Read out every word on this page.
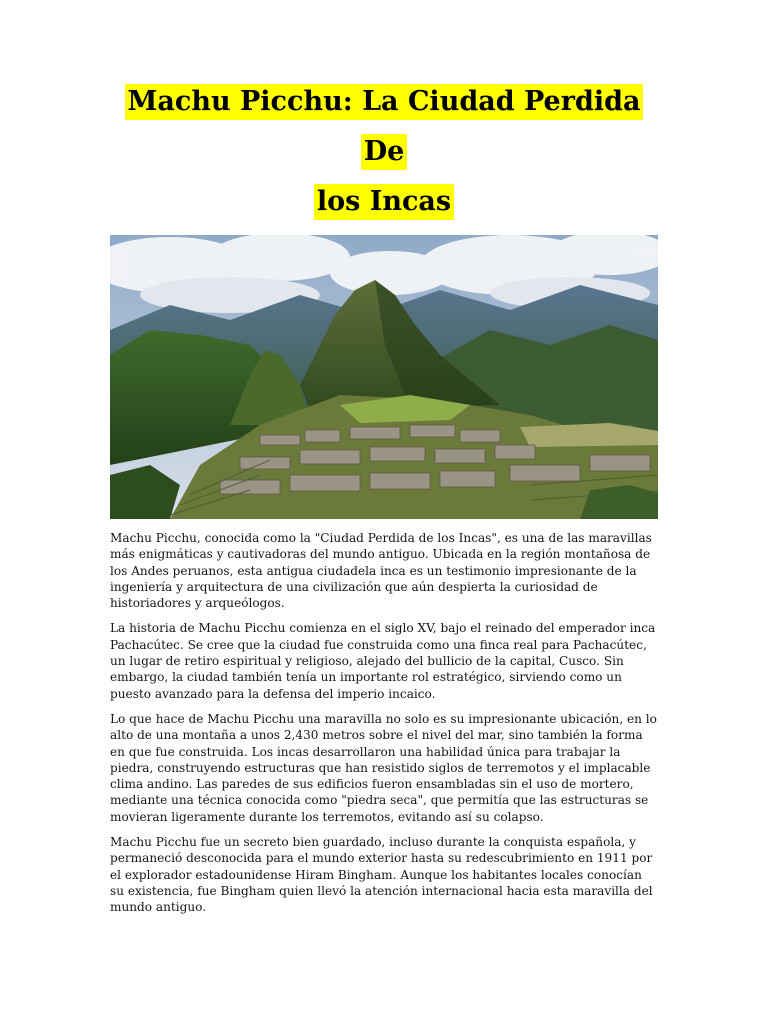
Machu Picchu: La Ciudad Perdida
De
los Incas

Machu Picchu, conocida como la "Ciudad Perdida de los Incas", es una de las maravillas más enigmáticas y cautivadoras del mundo antiguo. Ubicada en la región montañosa de los Andes peruanos, esta antigua ciudadela inca es un testimonio impresionante de la ingeniería y arquitectura de una civilización que aún despierta la curiosidad de historiadores y arqueólogos.

La historia de Machu Picchu comienza en el siglo XV, bajo el reinado del emperador inca Pachacútec. Se cree que la ciudad fue construida como una finca real para Pachacútec, un lugar de retiro espiritual y religioso, alejado del bullicio de la capital, Cusco. Sin embargo, la ciudad también tenía un importante rol estratégico, sirviendo como un puesto avanzado para la defensa del imperio incaico.

Lo que hace de Machu Picchu una maravilla no solo es su impresionante ubicación, en lo alto de una montaña a unos 2,430 metros sobre el nivel del mar, sino también la forma en que fue construida. Los incas desarrollaron una habilidad única para trabajar la piedra, construyendo estructuras que han resistido siglos de terremotos y el implacable clima andino. Las paredes de sus edificios fueron ensambladas sin el uso de mortero, mediante una técnica conocida como "piedra seca", que permitía que las estructuras se movieran ligeramente durante los terremotos, evitando así su colapso.

Machu Picchu fue un secreto bien guardado, incluso durante la conquista española, y permaneció desconocida para el mundo exterior hasta su redescubrimiento en 1911 por el explorador estadounidense Hiram Bingham. Aunque los habitantes locales conocían su existencia, fue Bingham quien llevó la atención internacional hacia esta maravilla del mundo antiguo.
